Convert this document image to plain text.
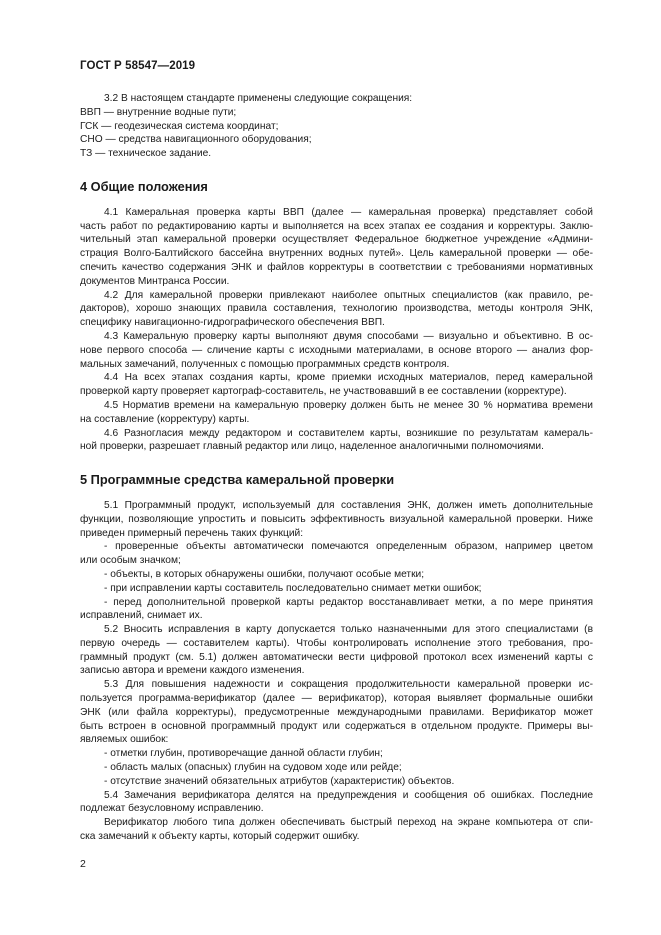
ГОСТ Р 58547—2019
3.2 В настоящем стандарте применены следующие сокращения:
ВВП — внутренние водные пути;
ГСК — геодезическая система координат;
СНО — средства навигационного оборудования;
ТЗ — техническое задание.
4 Общие положения
4.1 Камеральная проверка карты ВВП (далее — камеральная проверка) представляет собой
часть работ по редактированию карты и выполняется на всех этапах ее создания и корректуры. Заклю-
чительный этап камеральной проверки осуществляет Федеральное бюджетное учреждение «Админи-
страция Волго-Балтийского бассейна внутренних водных путей». Цель камеральной проверки — обе-
спечить качество содержания ЭНК и файлов корректуры в соответствии с требованиями нормативных
документов Минтранса России.
4.2 Для камеральной проверки привлекают наиболее опытных специалистов (как правило, ре-
дакторов), хорошо знающих правила составления, технологию производства, методы контроля ЭНК,
специфику навигационно-гидрографического обеспечения ВВП.
4.3 Камеральную проверку карты выполняют двумя способами — визуально и объективно. В ос-
нове первого способа — сличение карты с исходными материалами, в основе второго — анализ фор-
мальных замечаний, полученных с помощью программных средств контроля.
4.4 На всех этапах создания карты, кроме приемки исходных материалов, перед камеральной
проверкой карту проверяет картограф-составитель, не участвовавший в ее составлении (корректуре).
4.5 Норматив времени на камеральную проверку должен быть не менее 30 % норматива времени
на составление (корректуру) карты.
4.6 Разногласия между редактором и составителем карты, возникшие по результатам камераль-
ной проверки, разрешает главный редактор или лицо, наделенное аналогичными полномочиями.
5 Программные средства камеральной проверки
5.1 Программный продукт, используемый для составления ЭНК, должен иметь дополнительные
функции, позволяющие упростить и повысить эффективность визуальной камеральной проверки. Ниже
приведен примерный перечень таких функций:
- проверенные объекты автоматически помечаются определенным образом, например цветом
или особым значком;
- объекты, в которых обнаружены ошибки, получают особые метки;
- при исправлении карты составитель последовательно снимает метки ошибок;
- перед дополнительной проверкой карты редактор восстанавливает метки, а по мере принятия
исправлений, снимает их.
5.2 Вносить исправления в карту допускается только назначенными для этого специалистами (в
первую очередь — составителем карты). Чтобы контролировать исполнение этого требования, про-
граммный продукт (см. 5.1) должен автоматически вести цифровой протокол всех изменений карты с
записью автора и времени каждого изменения.
5.3 Для повышения надежности и сокращения продолжительности камеральной проверки ис-
пользуется программа-верификатор (далее — верификатор), которая выявляет формальные ошибки
ЭНК (или файла корректуры), предусмотренные международными правилами. Верификатор может
быть встроен в основной программный продукт или содержаться в отдельном продукте. Примеры вы-
являемых ошибок:
- отметки глубин, противоречащие данной области глубин;
- область малых (опасных) глубин на судовом ходе или рейде;
- отсутствие значений обязательных атрибутов (характеристик) объектов.
5.4 Замечания верификатора делятся на предупреждения и сообщения об ошибках. Последние
подлежат безусловному исправлению.
Верификатор любого типа должен обеспечивать быстрый переход на экране компьютера от спи-
ска замечаний к объекту карты, который содержит ошибку.
2
